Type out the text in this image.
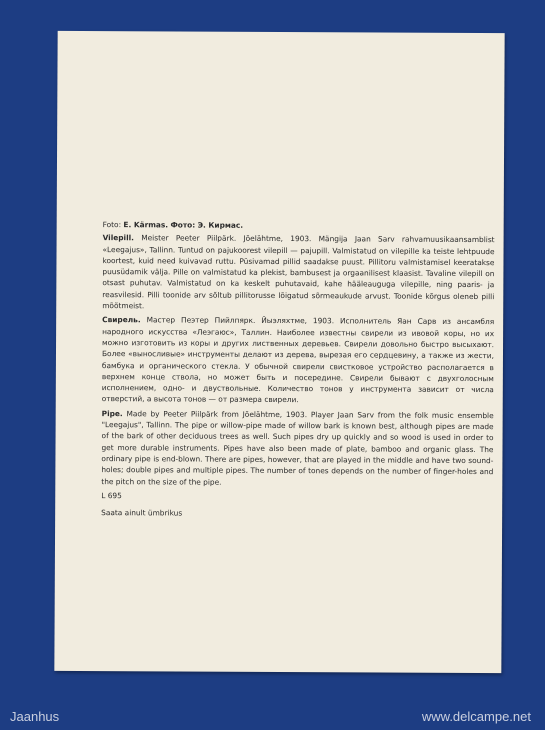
Foto: E. Kärmas. Фото: Э. Кирмас.

Vilepill. Meister Peeter Piilpärk. Jõelähtme, 1903. Mängija Jaan Sarv rahvamuusikaansamblist «Leegajus», Tallinn. Tuntud on pajukoorest vilepill — pajupill. Valmistatud on vilepille ka teiste lehtpuude koortest, kuid need kuivavad ruttu. Püsivamad pillid saadakse puust. Pillitoru valmistamisel keeratakse puusüdamik välja. Pille on valmistatud ka plekist, bambusest ja orgaanilisest klaasist. Tavaline vilepill on otsast puhutav. Valmistatud on ka keskelt puhutavaid, kahe hääleauguga vilepille, ning paaris- ja reasvilesid. Pilli toonide arv sõltub pillitorusse lõigatud sõrmeaukude arvust. Toonide kõrgus oleneb pilli mõõtmeist.

Свирель. Мастер Пеэтер Пийлпярк. Йыэляхтме, 1903. Исполнитель Яан Сарв из ансамбля народного искусства «Леэгаюс», Таллин. Наиболее известны свирели из ивовой коры, но их можно изготовить из коры и других лиственных деревьев. Свирели довольно быстро высыхают. Более «выносливые» инструменты делают из дерева, вырезая его сердцевину, а также из жести, бамбука и органического стекла. У обычной свирели свистковое устройство располагается в верхнем конце ствола, но может быть и посередине. Свирели бывают с двухголосным исполнением, одно- и двуствольные. Количество тонов у инструмента зависит от числа отверстий, а высота тонов — от размера свирели.

Pipe. Made by Peeter Piilpärk from Jõelähtme, 1903. Player Jaan Sarv from the folk music ensemble "Leegajus", Tallinn. The pipe or willow-pipe made of willow bark is known best, although pipes are made of the bark of other deciduous trees as well. Such pipes dry up quickly and so wood is used in order to get more durable instruments. Pipes have also been made of plate, bamboo and organic glass. The ordinary pipe is end-blown. There are pipes, however, that are played in the middle and have two sound-holes; double pipes and multiple pipes. The number of tones depends on the number of finger-holes and the pitch on the size of the pipe.

L 695

Saata ainult ümbrikus

Jaanhus	www.delcampe.net
